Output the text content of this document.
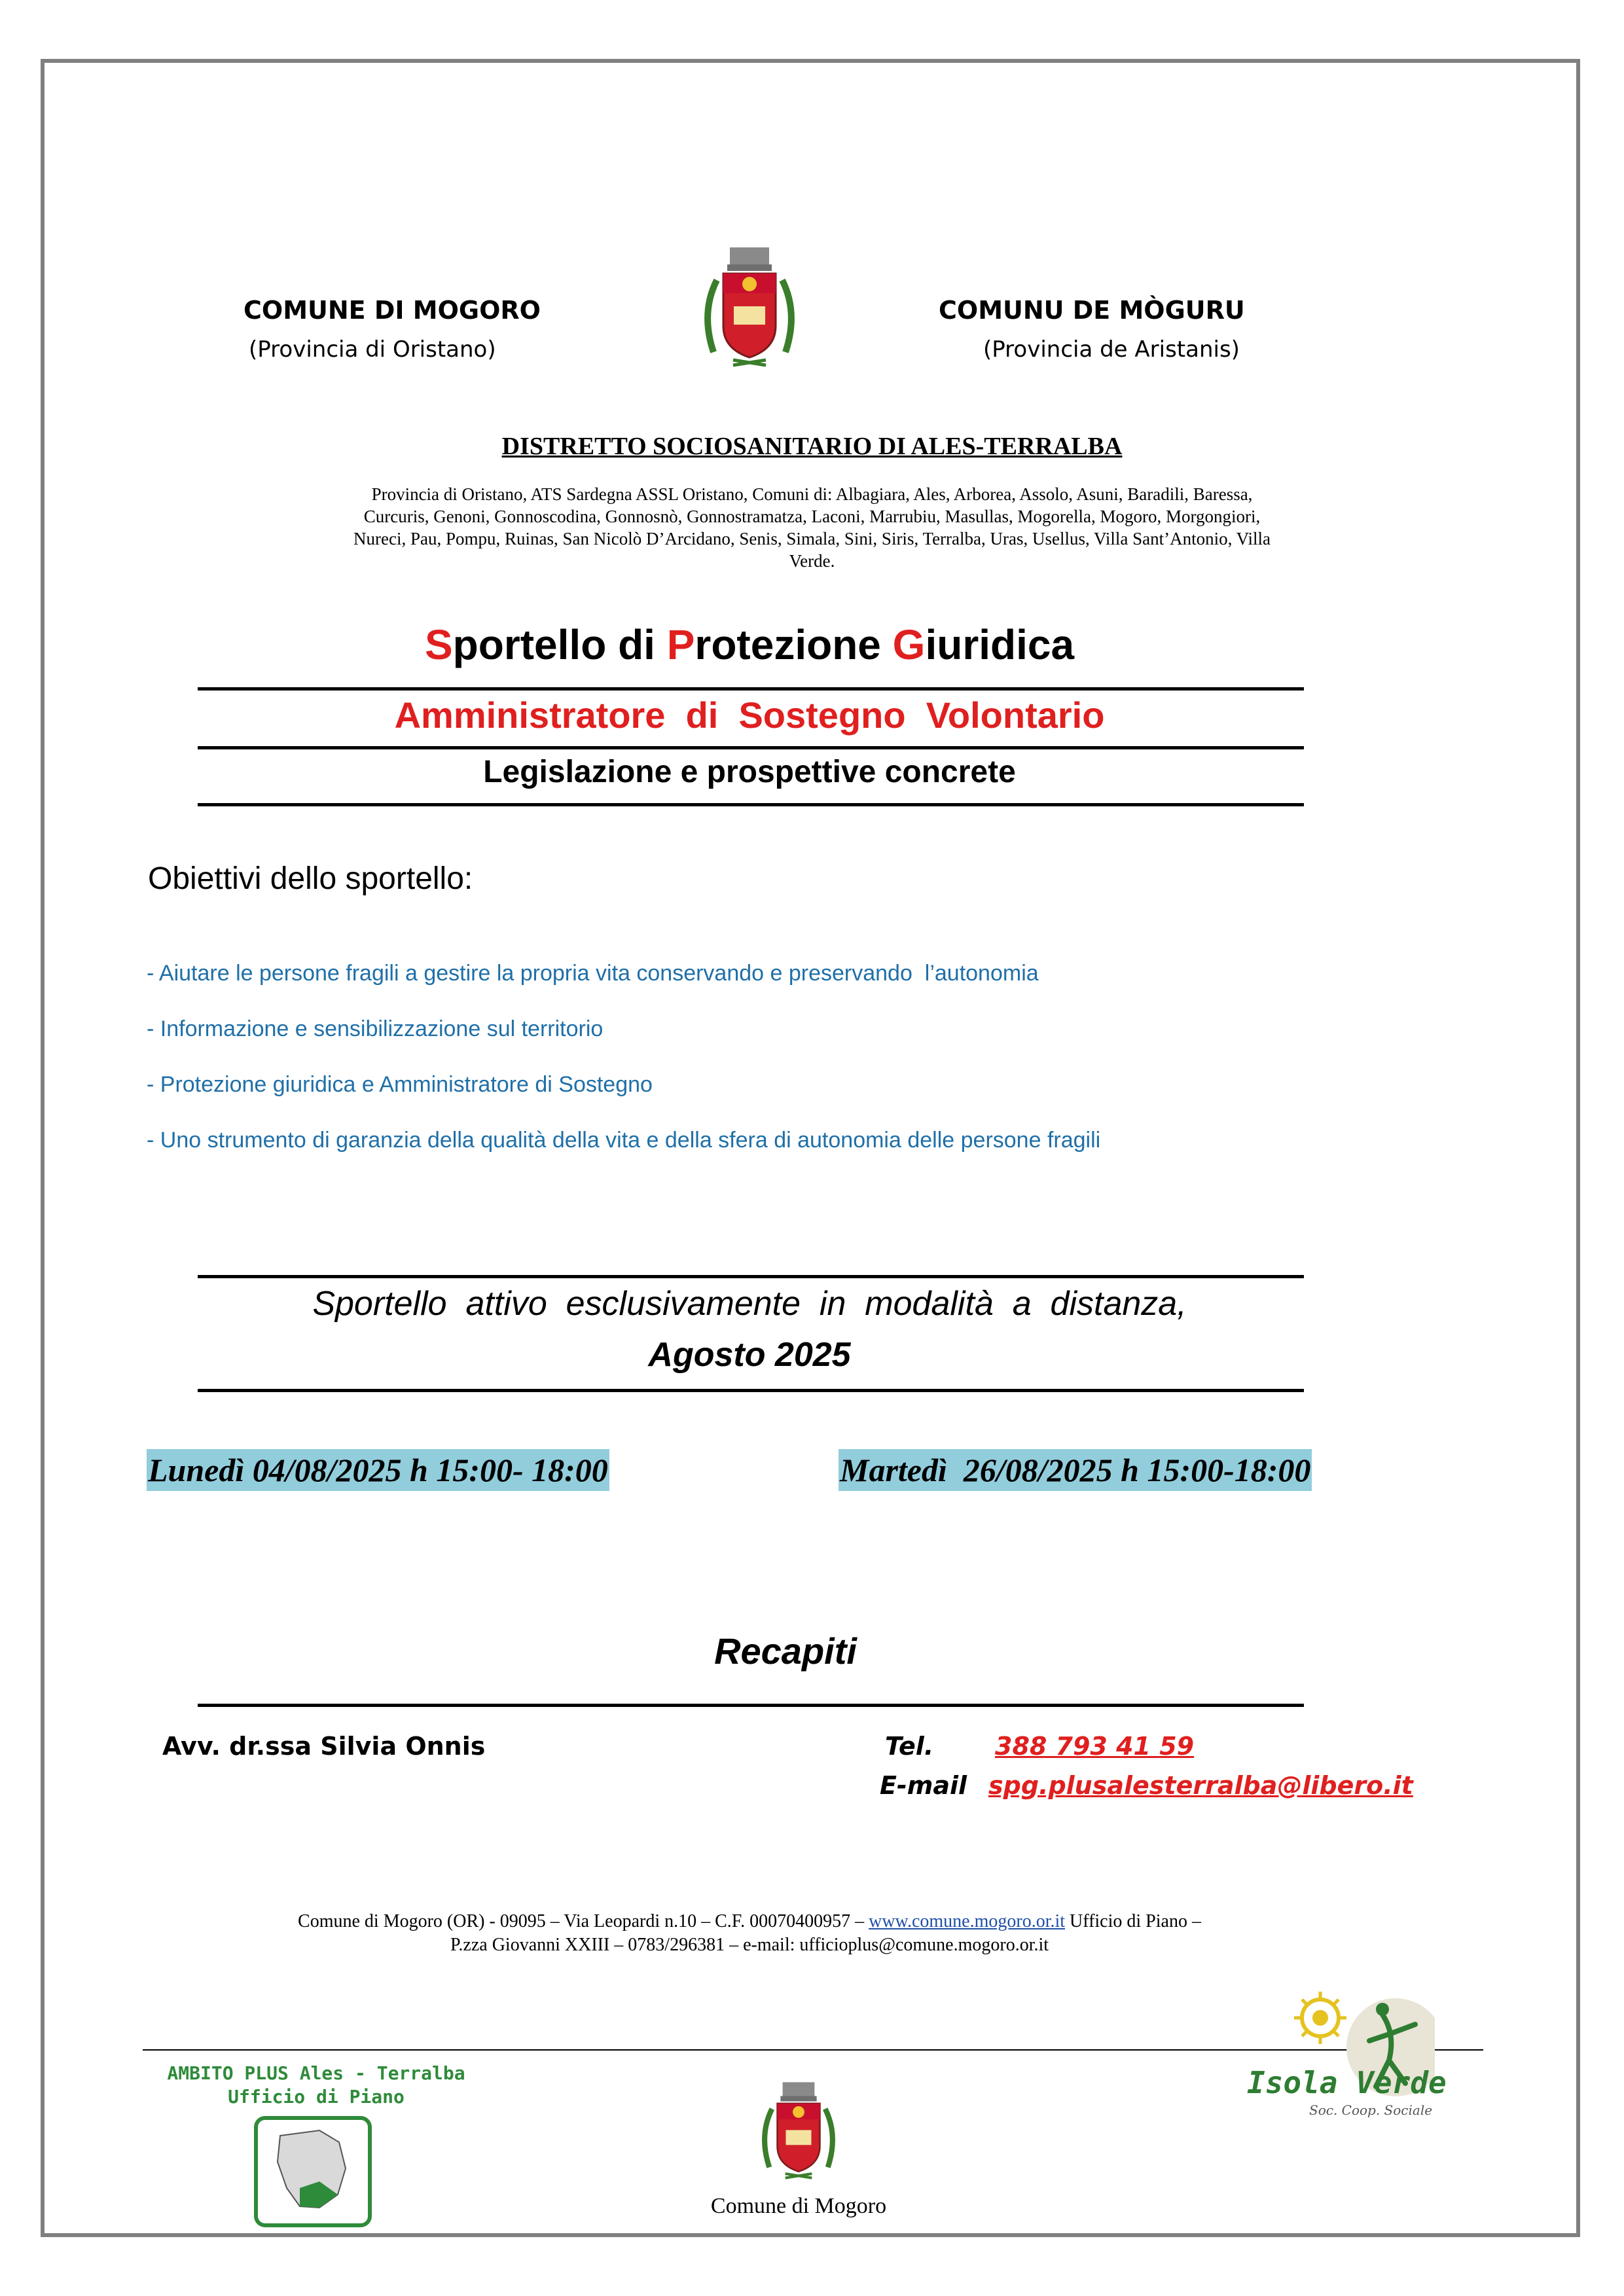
COMUNE DI MOGORO
(Provincia di Oristano)
COMUNU DE MÒGURU
(Provincia de Aristanis)
DISTRETTO SOCIOSANITARIO DI ALES-TERRALBA
Provincia di Oristano, ATS Sardegna ASSL Oristano, Comuni di: Albagiara, Ales, Arborea, Assolo, Asuni, Baradili, Baressa,
Curcuris, Genoni, Gonnoscodina, Gonnosnò, Gonnostramatza, Laconi, Marrubiu, Masullas, Mogorella, Mogoro, Morgongiori,
Nureci, Pau, Pompu, Ruinas, San Nicolò D’Arcidano, Senis, Simala, Sini, Siris, Terralba, Uras, Usellus, Villa Sant’Antonio, Villa
Verde.
Sportello di Protezione Giuridica
Amministratore  di  Sostegno  Volontario
Legislazione e prospettive concrete
Obiettivi dello sportello:
- Aiutare le persone fragili a gestire la propria vita conservando e preservando  l’autonomia
- Informazione e sensibilizzazione sul territorio
- Protezione giuridica e Amministratore di Sostegno
- Uno strumento di garanzia della qualità della vita e della sfera di autonomia delle persone fragili
Sportello  attivo  esclusivamente  in  modalità  a  distanza,
Agosto 2025
Lunedì 04/08/2025 h 15:00- 18:00	Martedì  26/08/2025 h 15:00-18:00
Recapiti
Avv. dr.ssa Silvia Onnis	Tel. 388 793 41 59
E-mail spg.plusalesterralba@libero.it
Comune di Mogoro (OR) - 09095 – Via Leopardi n.10 – C.F. 00070400957 – www.comune.mogoro.or.it Ufficio di Piano –
P.zza Giovanni XXIII – 0783/296381 – e-mail: ufficioplus@comune.mogoro.or.it
AMBITO PLUS Ales - Terralba
Ufficio di Piano
Comune di Mogoro
Isola Verde
Soc. Coop. Sociale
